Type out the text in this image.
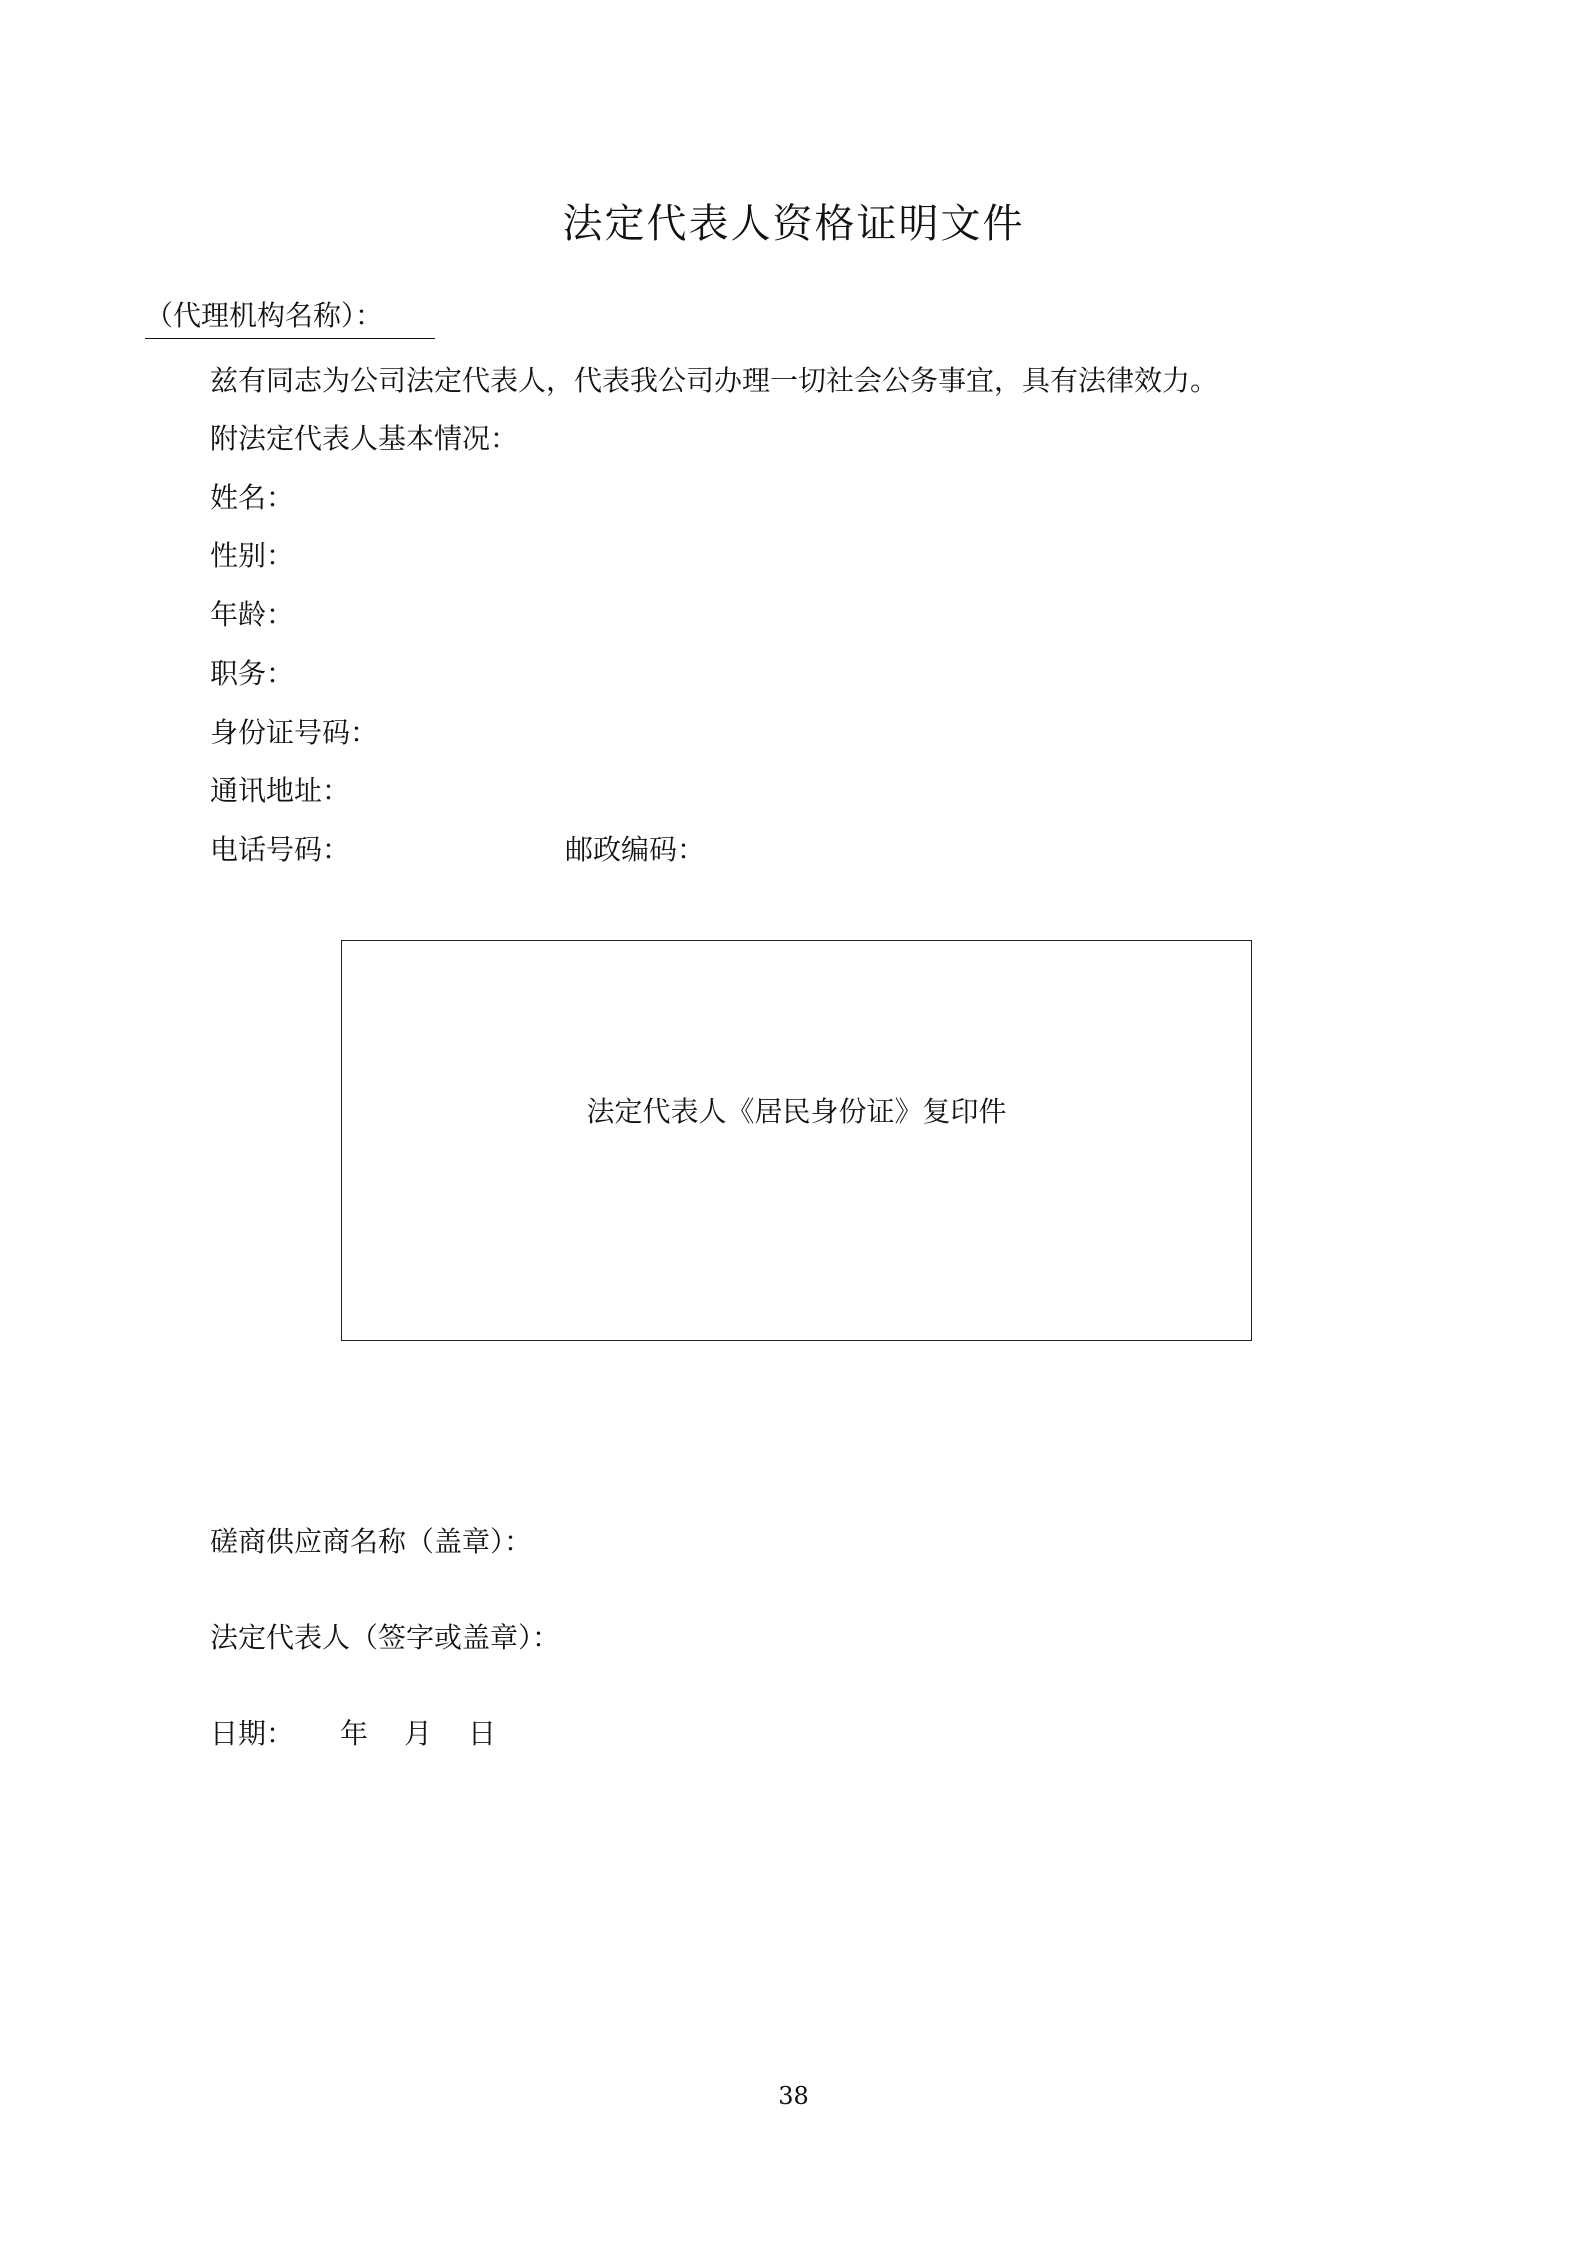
法定代表人资格证明文件
（代理机构名称）：
兹有同志为公司法定代表人，代表我公司办理一切社会公务事宜，具有法律效力。
附法定代表人基本情况：
姓名：
性别：
年龄：
职务：
身份证号码：
通讯地址：
电话号码：	邮政编码：
法定代表人《居民身份证》复印件
磋商供应商名称（盖章）：
法定代表人（签字或盖章）：
日期： 年 月 日
38
